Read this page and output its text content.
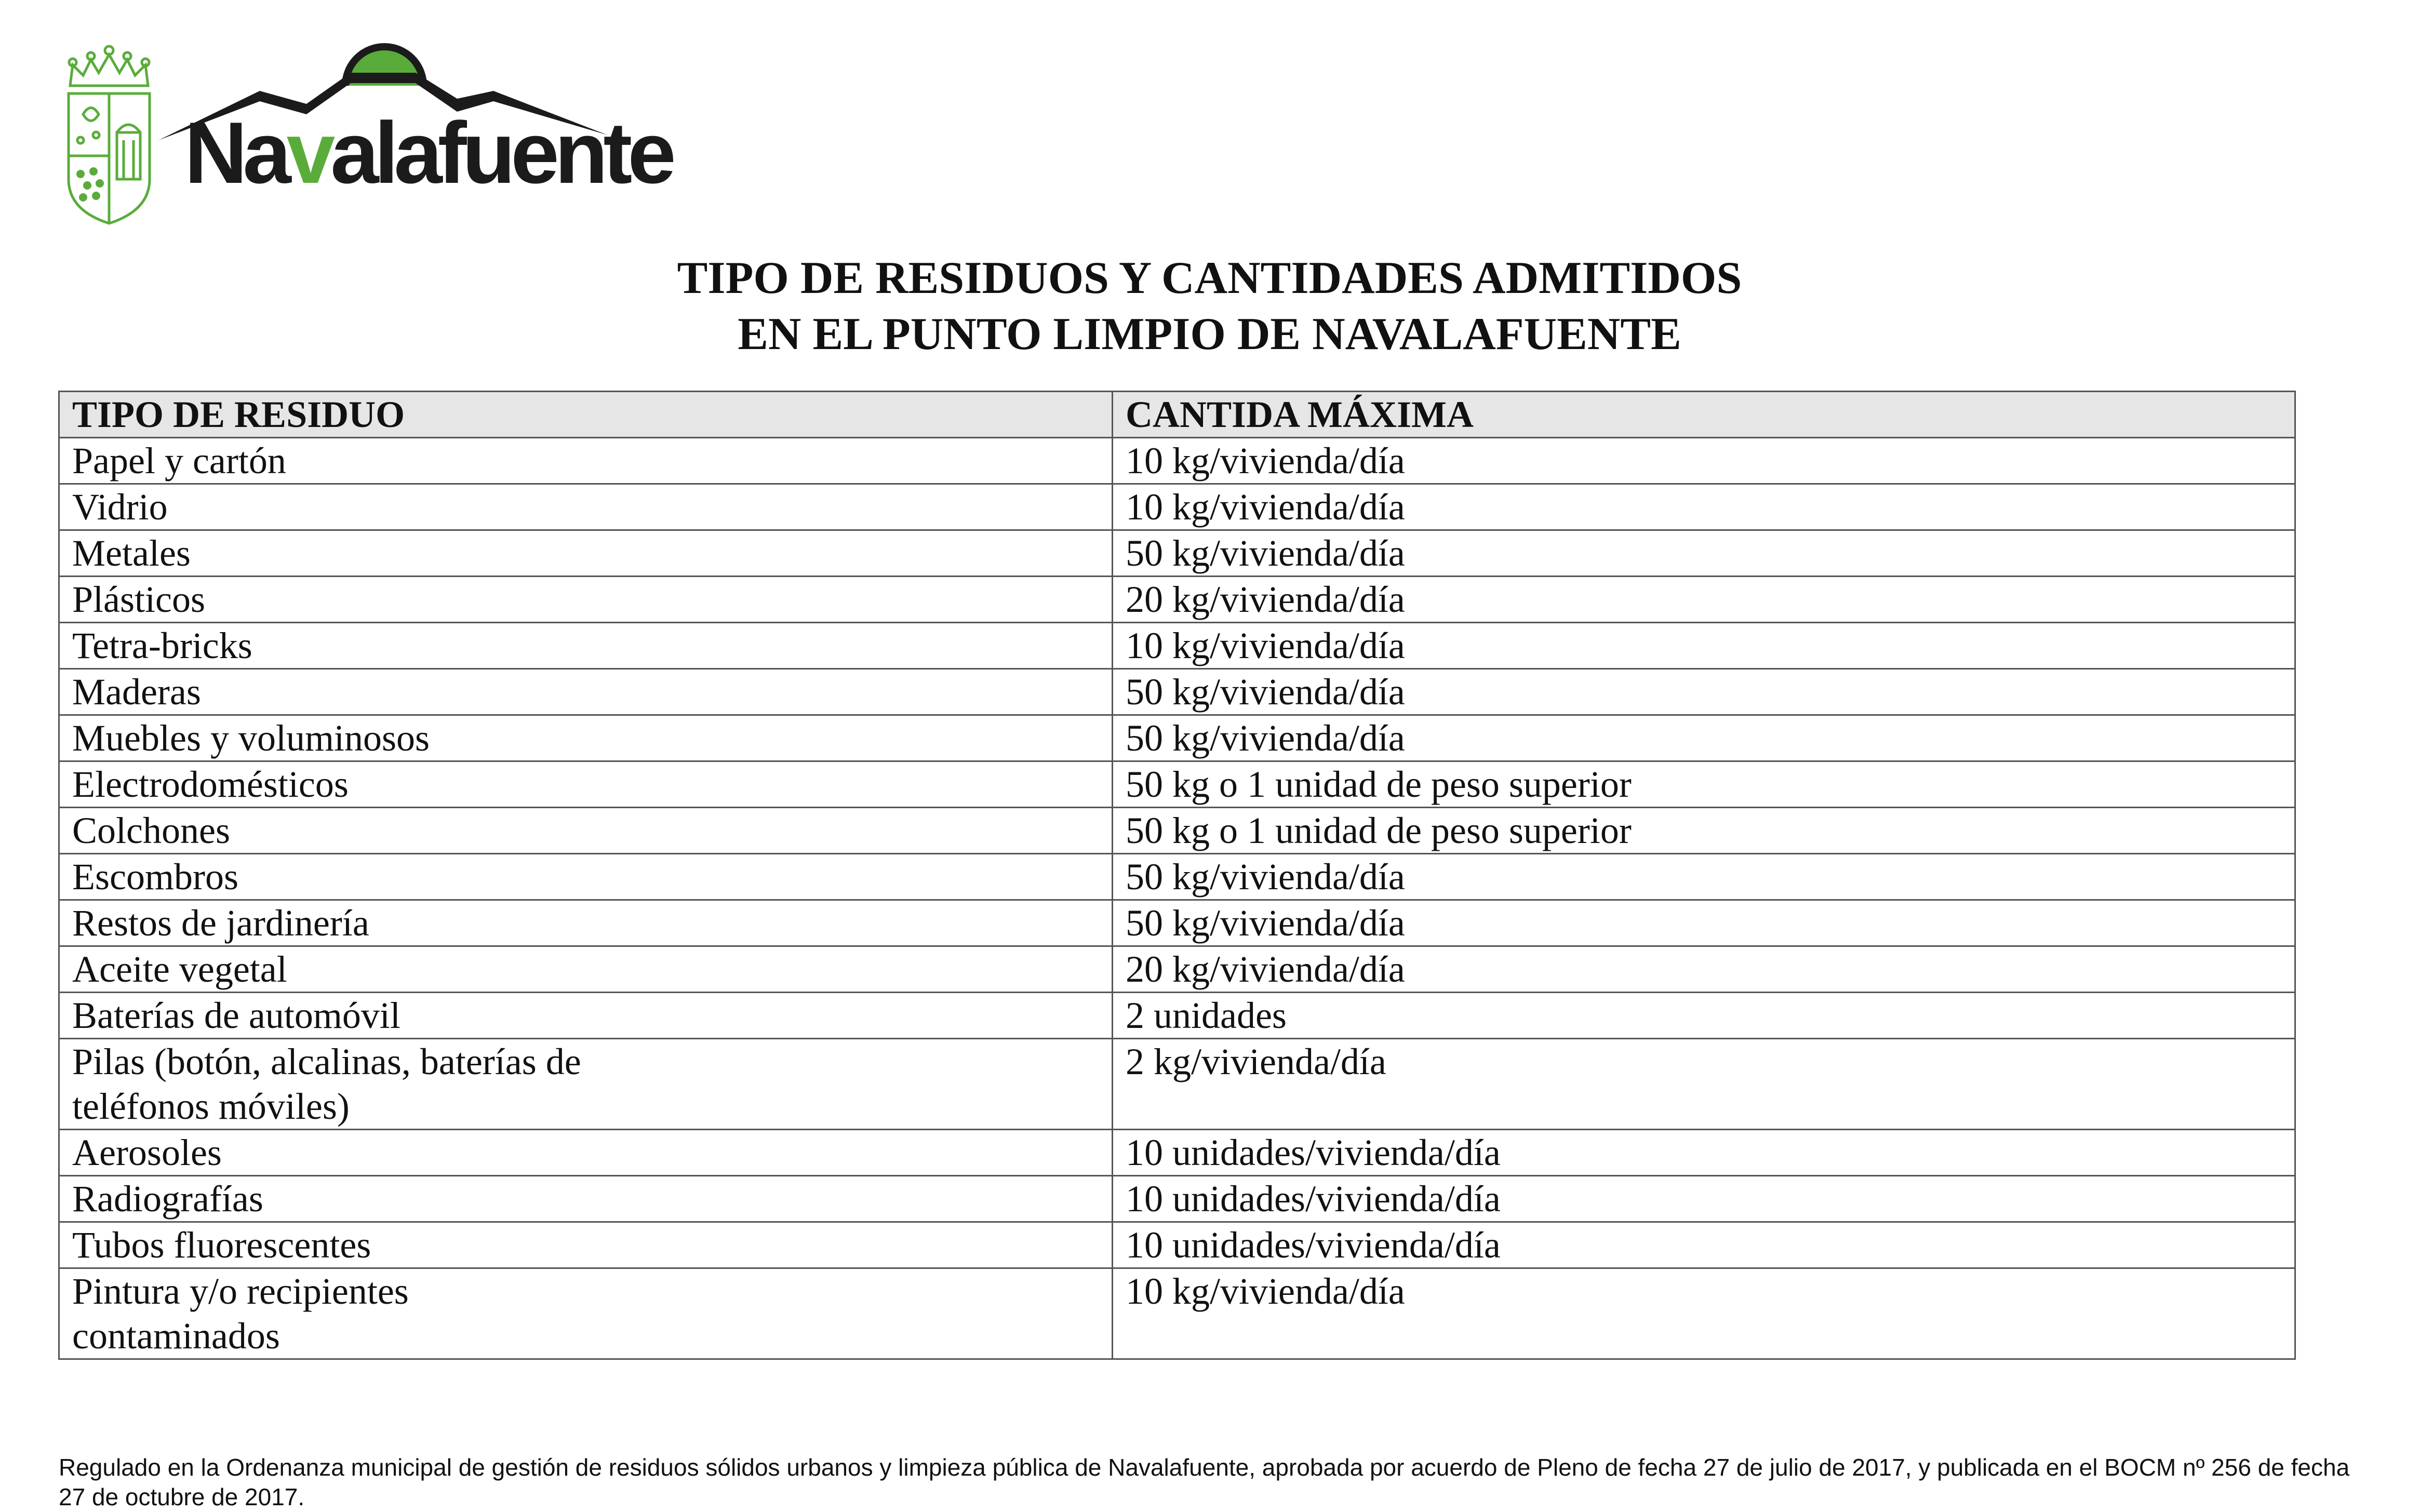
Navalafuente
TIPO DE RESIDUOS Y CANTIDADES ADMITIDOS
EN EL PUNTO LIMPIO DE NAVALAFUENTE
TIPO DE RESIDUO	CANTIDA MÁXIMA
Papel y cartón	10 kg/vivienda/día
Vidrio	10 kg/vivienda/día
Metales	50 kg/vivienda/día
Plásticos	20 kg/vivienda/día
Tetra-bricks	10 kg/vivienda/día
Maderas	50 kg/vivienda/día
Muebles y voluminosos	50 kg/vivienda/día
Electrodomésticos	50 kg o 1 unidad de peso superior
Colchones	50 kg o 1 unidad de peso superior
Escombros	50 kg/vivienda/día
Restos de jardinería	50 kg/vivienda/día
Aceite vegetal	20 kg/vivienda/día
Baterías de automóvil	2 unidades
Pilas (botón, alcalinas, baterías de
teléfonos móviles)	2 kg/vivienda/día
Aerosoles	10 unidades/vivienda/día
Radiografías	10 unidades/vivienda/día
Tubos fluorescentes	10 unidades/vivienda/día
Pintura y/o recipientes
contaminados	10 kg/vivienda/día
Regulado en la Ordenanza municipal de gestión de residuos sólidos urbanos y limpieza pública de Navalafuente, aprobada por acuerdo de Pleno de fecha 27 de julio de 2017, y publicada en el BOCM nº 256 de fecha 27 de octubre de 2017.
